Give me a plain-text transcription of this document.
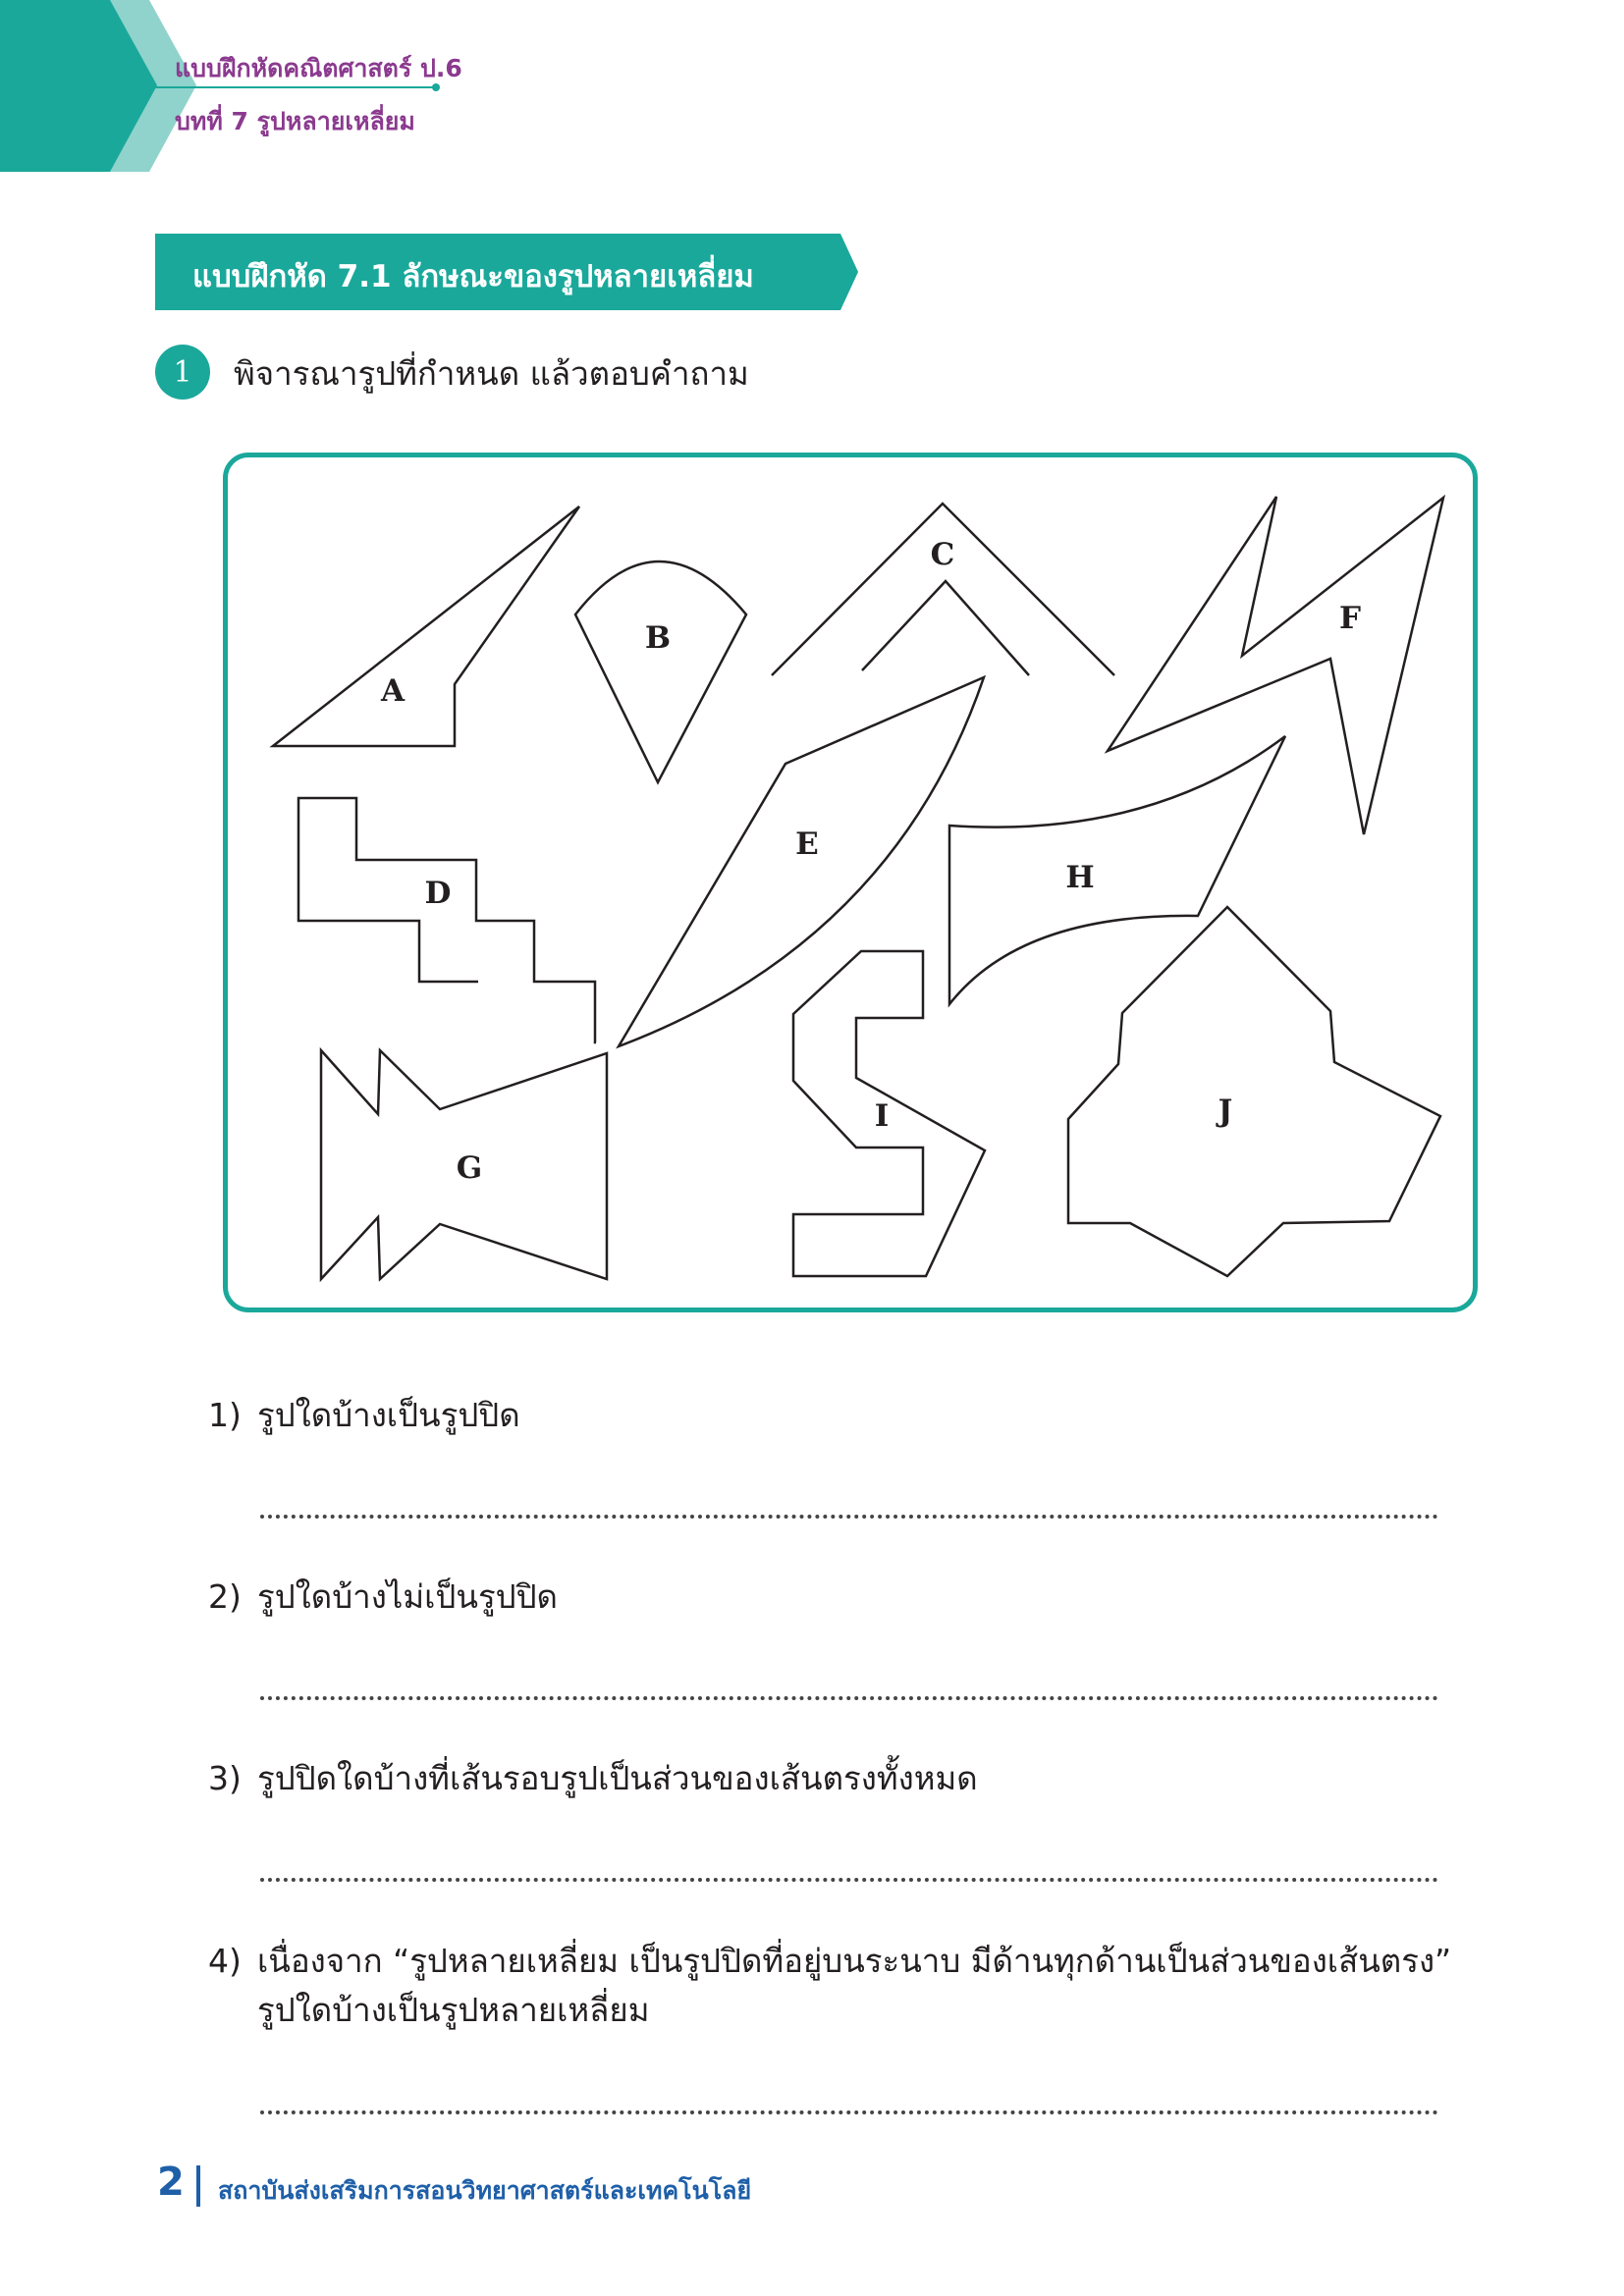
แบบฝึกหัดคณิตศาสตร์ ป.6
บทที่ 7 รูปหลายเหลี่ยม
แบบฝึกหัด 7.1 ลักษณะของรูปหลายเหลี่ยม
1	พิจารณารูปที่กำหนด แล้วตอบคำถาม
A
B
C
D
E
F
G
H
I	J
1) รูปใดบ้างเป็นรูปปิด
2) รูปใดบ้างไม่เป็นรูปปิด
3) รูปปิดใดบ้างที่เส้นรอบรูปเป็นส่วนของเส้นตรงทั้งหมด
4) เนื่องจาก “รูปหลายเหลี่ยม เป็นรูปปิดที่อยู่บนระนาบ มีด้านทุกด้านเป็นส่วนของเส้นตรง”
รูปใดบ้างเป็นรูปหลายเหลี่ยม
2 สถาบันส่งเสริมการสอนวิทยาศาสตร์และเทคโนโลยี
